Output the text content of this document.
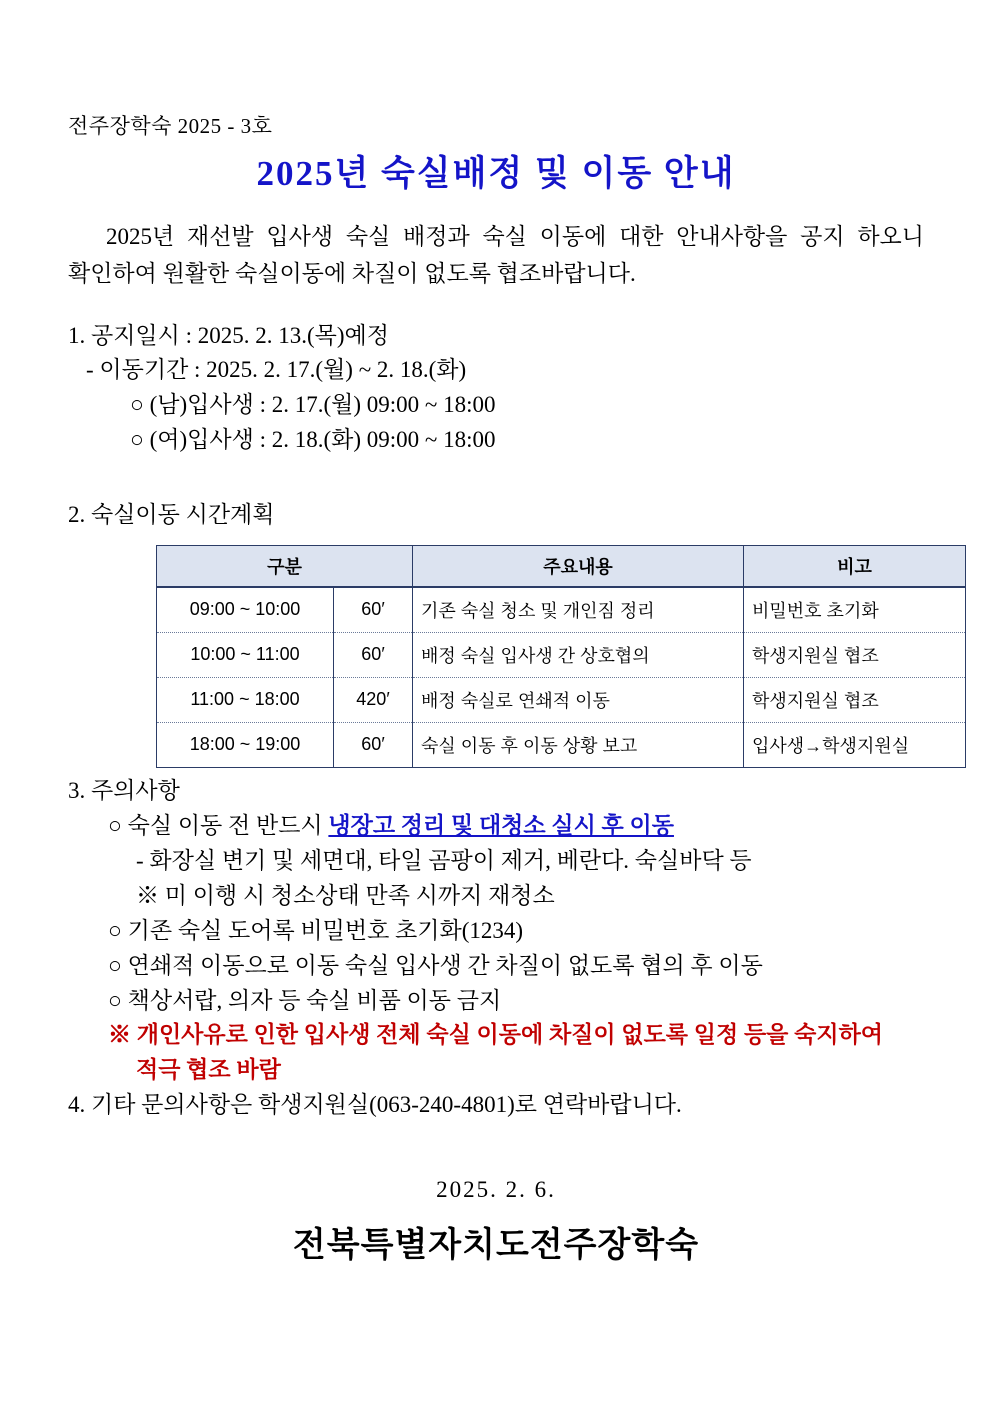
전주장학숙 2025 - 3호
2025년 숙실배정 및 이동 안내
2025년 재선발 입사생 숙실 배정과 숙실 이동에 대한 안내사항을 공지 하오니 확인하여 원활한 숙실이동에 차질이 없도록 협조바랍니다.
1. 공지일시 : 2025. 2. 13.(목)예정
- 이동기간 : 2025. 2. 17.(월) ~ 2. 18.(화)
○ (남)입사생 : 2. 17.(월) 09:00 ~ 18:00
○ (여)입사생 : 2. 18.(화) 09:00 ~ 18:00
2. 숙실이동 시간계획
구분		주요내용	비고
09:00 ~ 10:00	60′	기존 숙실 청소 및 개인짐 정리	비밀번호 초기화
10:00 ~ 11:00	60′	배정 숙실 입사생 간 상호협의	학생지원실 협조
11:00 ~ 18:00	420′	배정 숙실로 연쇄적 이동	학생지원실 협조
18:00 ~ 19:00	60′	숙실 이동 후 이동 상황 보고	입사생→학생지원실
3. 주의사항
○ 숙실 이동 전 반드시 냉장고 정리 및 대청소 실시 후 이동
- 화장실 변기 및 세면대, 타일 곰팡이 제거, 베란다. 숙실바닥 등
※ 미 이행 시 청소상태 만족 시까지 재청소
○ 기존 숙실 도어록 비밀번호 초기화(1234)
○ 연쇄적 이동으로 이동 숙실 입사생 간 차질이 없도록 협의 후 이동
○ 책상서랍, 의자 등 숙실 비품 이동 금지
※ 개인사유로 인한 입사생 전체 숙실 이동에 차질이 없도록 일정 등을 숙지하여
적극 협조 바람
4. 기타 문의사항은 학생지원실(063-240-4801)로 연락바랍니다.
2025. 2. 6.
전북특별자치도전주장학숙
